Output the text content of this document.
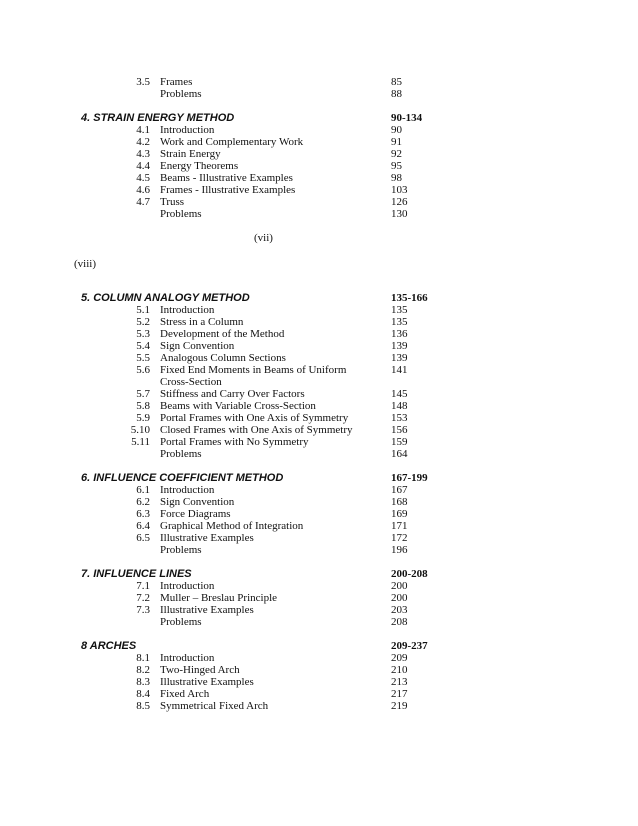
3.5 Frames	85
Problems	88
4. STRAIN ENERGY METHOD	90-134
4.1 Introduction	90
4.2 Work and Complementary Work	91
4.3 Strain Energy	92
4.4 Energy Theorems	95
4.5 Beams - Illustrative Examples	98
4.6 Frames - Illustrative Examples	103
4.7 Truss	126
Problems	130
(vii)
(viii)
5. COLUMN ANALOGY METHOD	135-166
5.1 Introduction	135
5.2 Stress in a Column	135
5.3 Development of the Method	136
5.4 Sign Convention	139
5.5 Analogous Column Sections	139
5.6 Fixed End Moments in Beams of Uniform	141
Cross-Section
5.7 Stiffness and Carry Over Factors	145
5.8 Beams with Variable Cross-Section	148
5.9 Portal Frames with One Axis of Symmetry	153
5.10 Closed Frames with One Axis of Symmetry	156
5.11 Portal Frames with No Symmetry	159
Problems	164
6. INFLUENCE COEFFICIENT METHOD	167-199
6.1 Introduction	167
6.2 Sign Convention	168
6.3 Force Diagrams	169
6.4 Graphical Method of Integration	171
6.5 Illustrative Examples	172
Problems	196
7. INFLUENCE LINES	200-208
7.1 Introduction	200
7.2 Muller – Breslau Principle	200
7.3 Illustrative Examples	203
Problems	208
8 ARCHES	209-237
8.1 Introduction	209
8.2 Two-Hinged Arch	210
8.3 Illustrative Examples	213
8.4 Fixed Arch	217
8.5 Symmetrical Fixed Arch	219
